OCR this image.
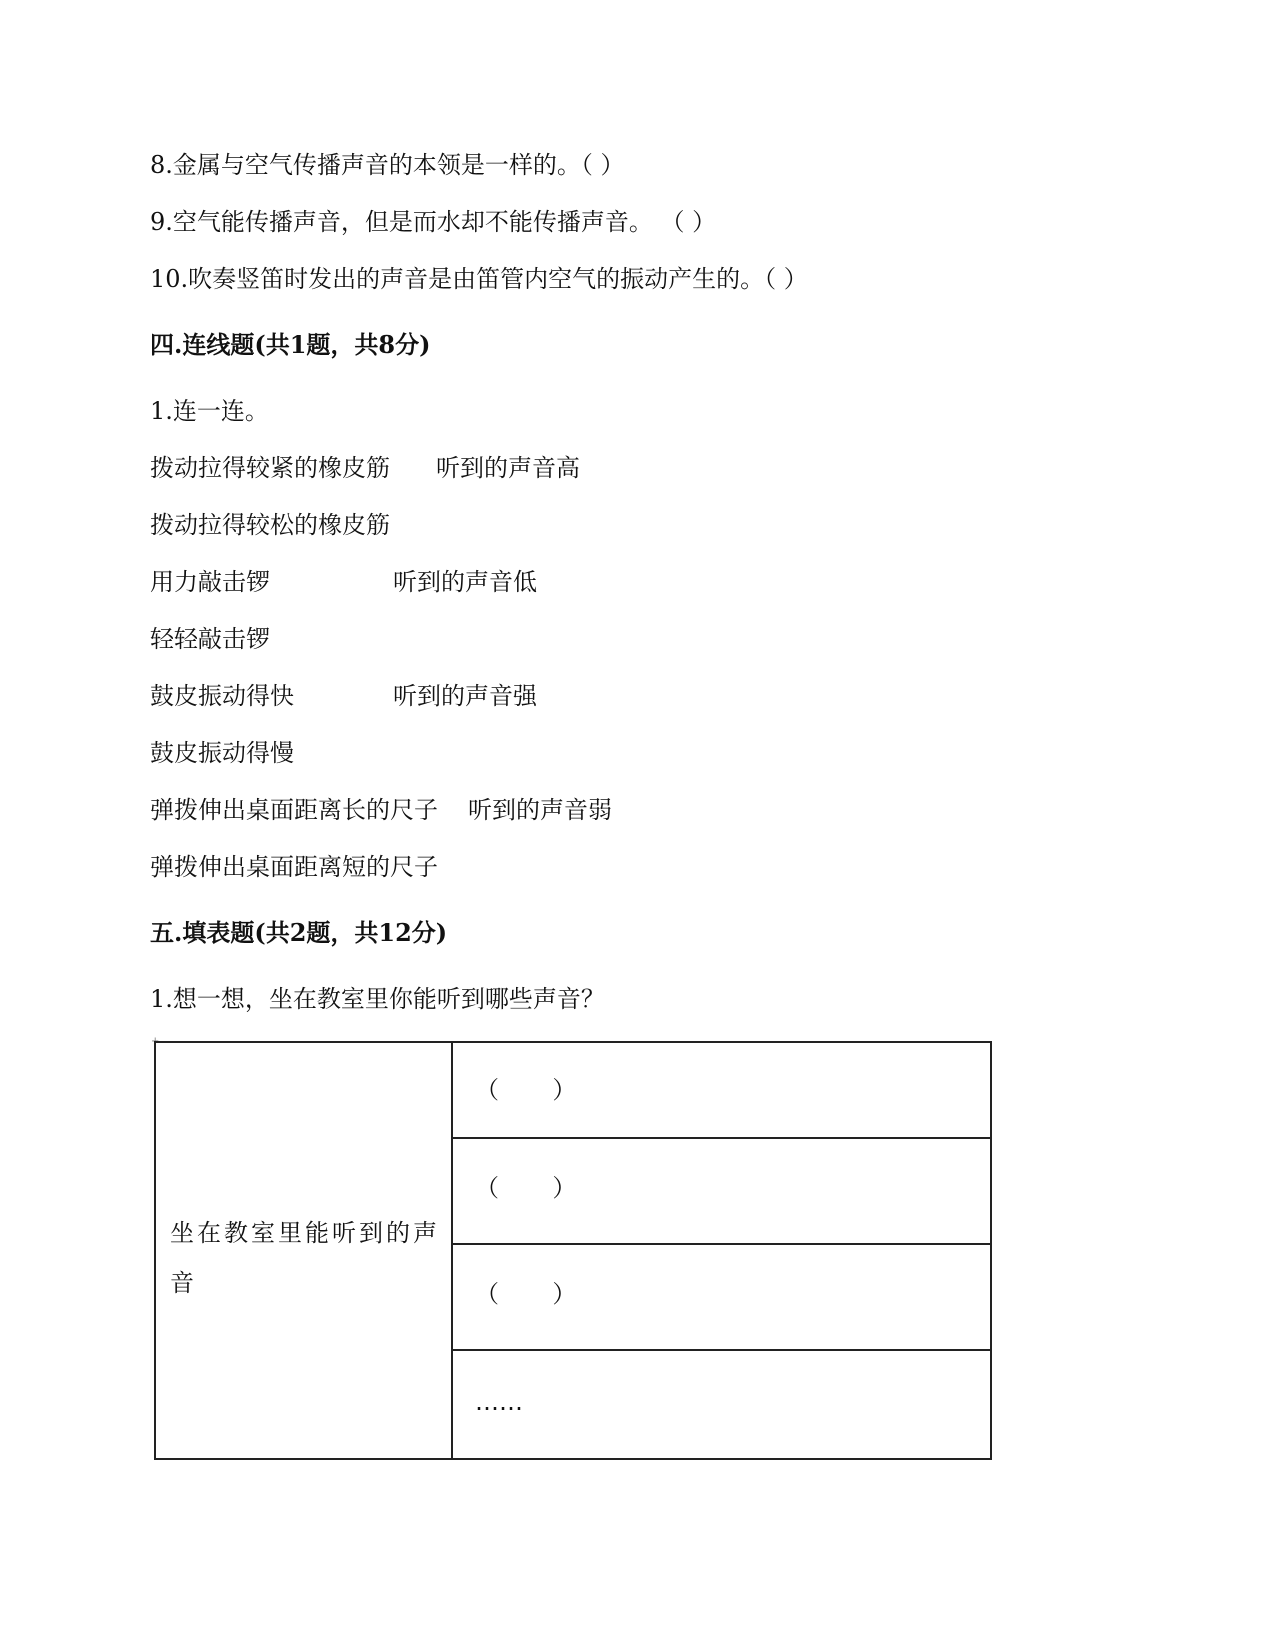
8.金属与空气传播声音的本领是一样的。（ ）
9.空气能传播声音，但是而水却不能传播声音。 （ ）
10.吹奏竖笛时发出的声音是由笛管内空气的振动产生的。（ ）
四.连线题(共1题，共8分)
1.连一连。
拨动拉得较紧的橡皮筋 听到的声音高
拨动拉得较松的橡皮筋
用力敲击锣	听到的声音低
轻轻敲击锣
鼓皮振动得快	听到的声音强
鼓皮振动得慢
弹拨伸出桌面距离长的尺子 听到的声音弱
弹拨伸出桌面距离短的尺子
五.填表题(共2题，共12分)
1.想一想，坐在教室里你能听到哪些声音？
+
坐在教室里能听到的声音
（       ）
（       ）
（       ）
……
